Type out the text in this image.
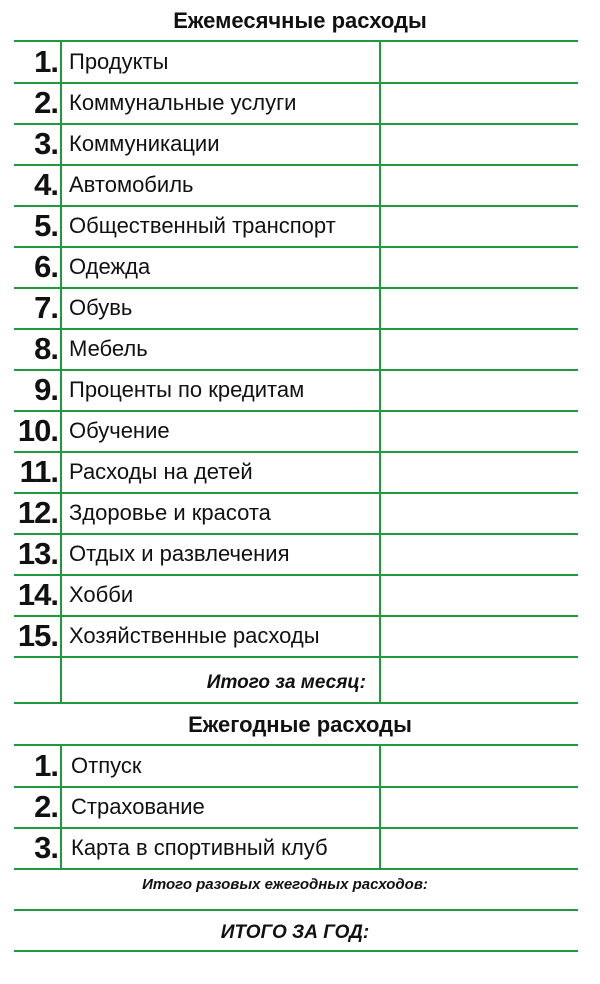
Ежемесячные расходы
1. Продукты
2. Коммунальные услуги
3. Коммуникации
4. Автомобиль
5. Общественный транспорт
6. Одежда
7. Обувь
8. Мебель
9. Проценты по кредитам
10. Обучение
11. Расходы на детей
12. Здоровье и красота
13. Отдых и развлечения
14. Хобби
15. Хозяйственные расходы
Итого за месяц:
Ежегодные расходы
1. Отпуск
2. Страхование
3. Карта в спортивный клуб
Итого разовых ежегодных расходов:
ИТОГО ЗА ГОД:
